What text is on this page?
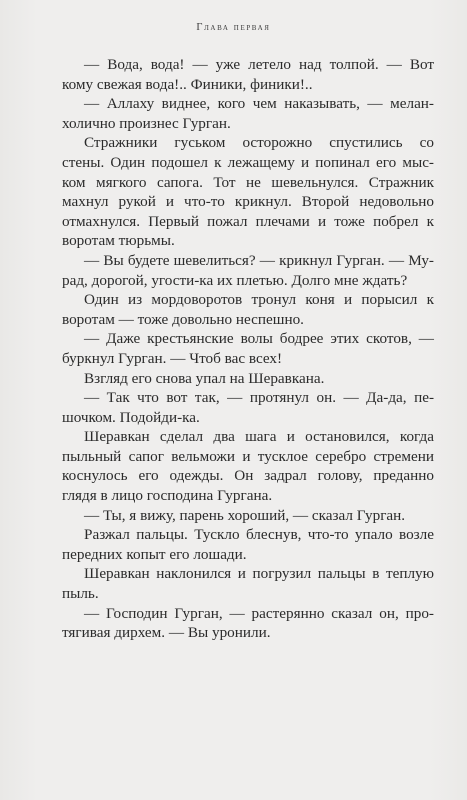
Глава первая

— Вода, вода! — уже летело над толпой. — Вот
кому свежая вода!.. Финики, финики!..

— Аллаху виднее, кого чем наказывать, — мелан-
холично произнес Гурган.

Стражники гуськом осторожно спустились со
стены. Один подошел к лежащему и попинал его мыс-
ком мягкого сапога. Тот не шевельнулся. Стражник
махнул рукой и что-то крикнул. Второй недовольно
отмахнулся. Первый пожал плечами и тоже побрел к
воротам тюрьмы.

— Вы будете шевелиться? — крикнул Гурган. — Му-
рад, дорогой, угости-ка их плетью. Долго мне ждать?

Один из мордоворотов тронул коня и порысил к
воротам — тоже довольно неспешно.

— Даже крестьянские волы бодрее этих скотов, —
буркнул Гурган. — Чтоб вас всех!

Взгляд его снова упал на Шеравкана.

— Так что вот так, — протянул он. — Да-да, пе-
шочком. Подойди-ка.

Шеравкан сделал два шага и остановился, когда
пыльный сапог вельможи и тусклое серебро стремени
коснулось его одежды. Он задрал голову, преданно
глядя в лицо господина Гургана.

— Ты, я вижу, парень хороший, — сказал Гурган.

Разжал пальцы. Тускло блеснув, что-то упало возле
передних копыт его лошади.

Шеравкан наклонился и погрузил пальцы в теплую
пыль.

— Господин Гурган, — растерянно сказал он, про-
тягивая дирхем. — Вы уронили.
